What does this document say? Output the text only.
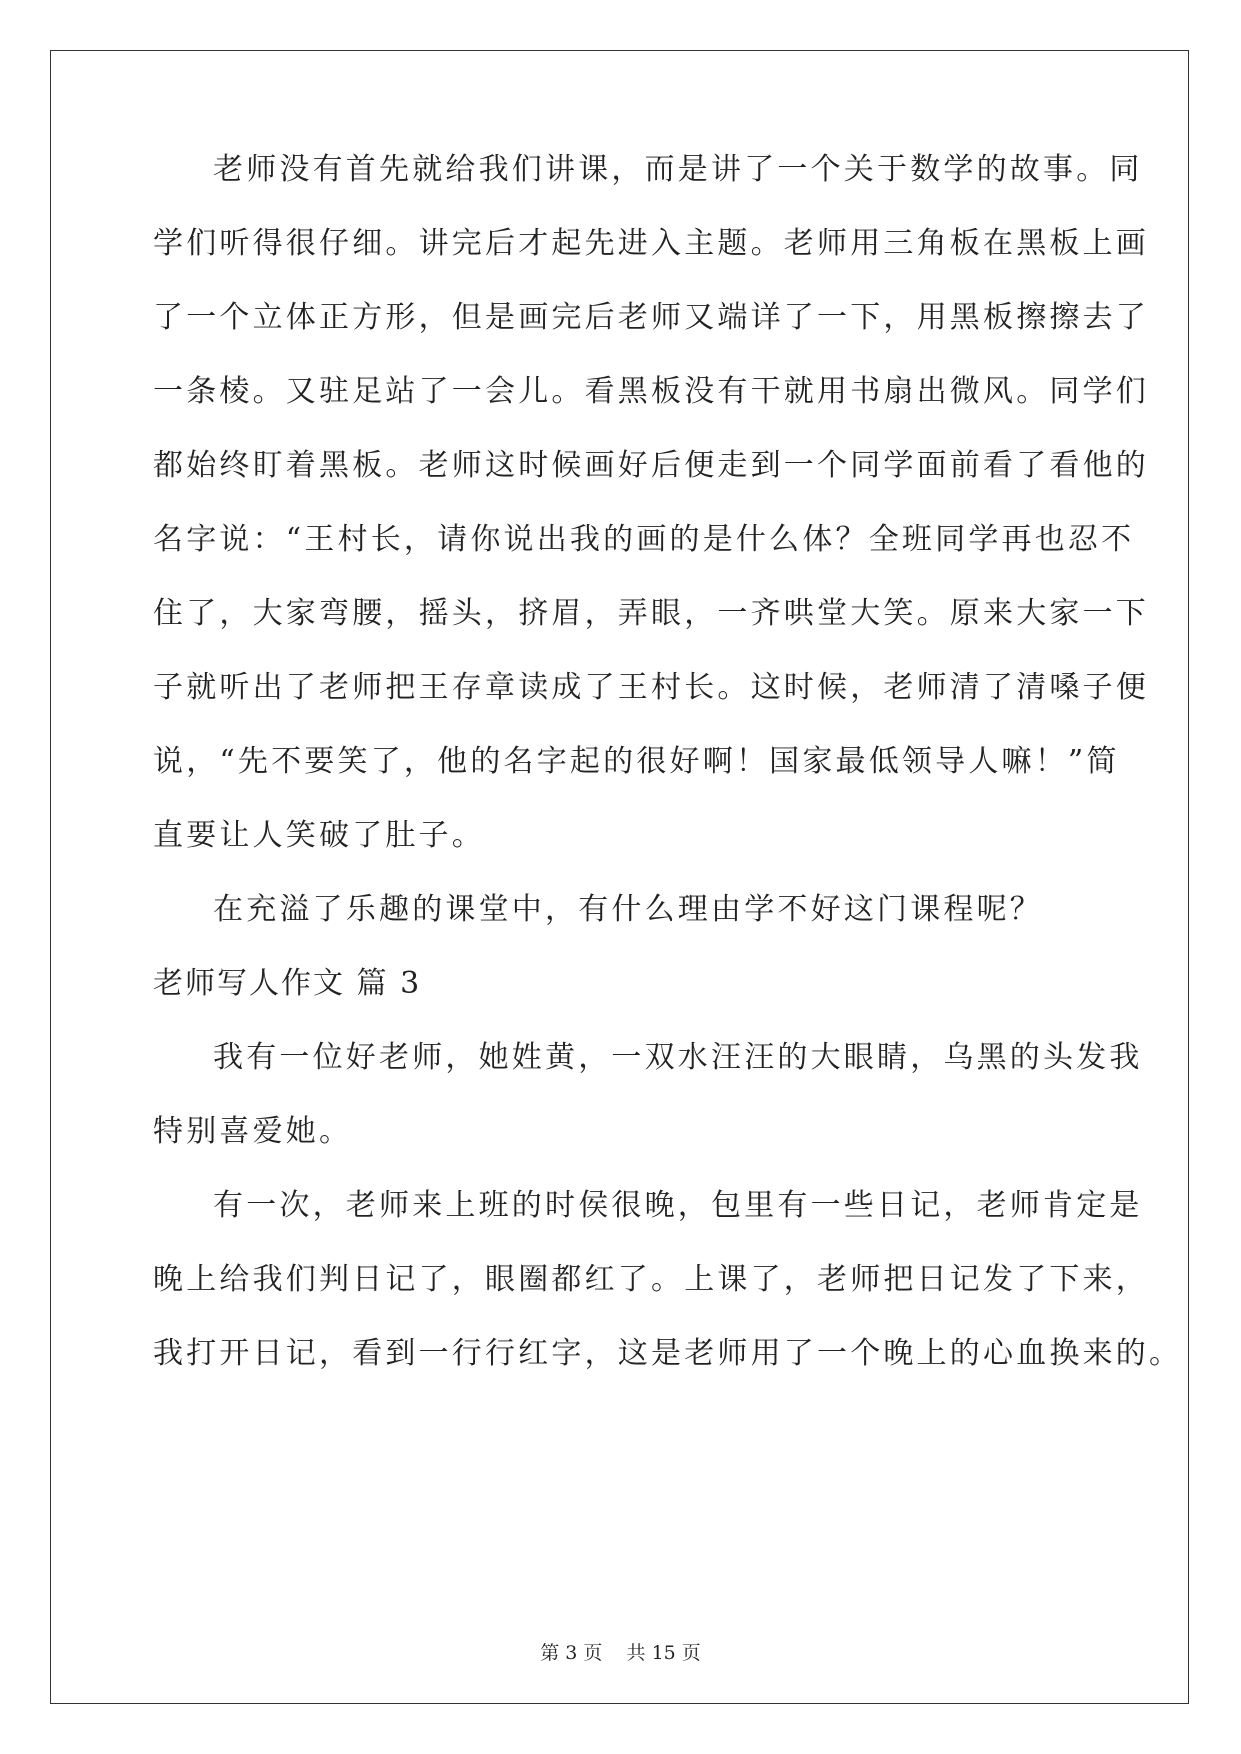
老师没有首先就给我们讲课，而是讲了一个关于数学的故事。同
学们听得很仔细。讲完后才起先进入主题。老师用三角板在黑板上画
了一个立体正方形，但是画完后老师又端详了一下，用黑板擦擦去了
一条棱。又驻足站了一会儿。看黑板没有干就用书扇出微风。同学们
都始终盯着黑板。老师这时候画好后便走到一个同学面前看了看他的
名字说：“王村长，请你说出我的画的是什么体？全班同学再也忍不
住了，大家弯腰，摇头，挤眉，弄眼，一齐哄堂大笑。原来大家一下
子就听出了老师把王存章读成了王村长。这时候，老师清了清嗓子便
说，“先不要笑了，他的名字起的很好啊！国家最低领导人嘛！”简
直要让人笑破了肚子。
在充溢了乐趣的课堂中，有什么理由学不好这门课程呢？
老师写人作文 篇 3
我有一位好老师，她姓黄，一双水汪汪的大眼睛，乌黑的头发我
特别喜爱她。
有一次，老师来上班的时侯很晚，包里有一些日记，老师肯定是
晚上给我们判日记了，眼圈都红了。上课了，老师把日记发了下来，
我打开日记，看到一行行红字，这是老师用了一个晚上的心血换来的。
第 3 页    共 15 页
